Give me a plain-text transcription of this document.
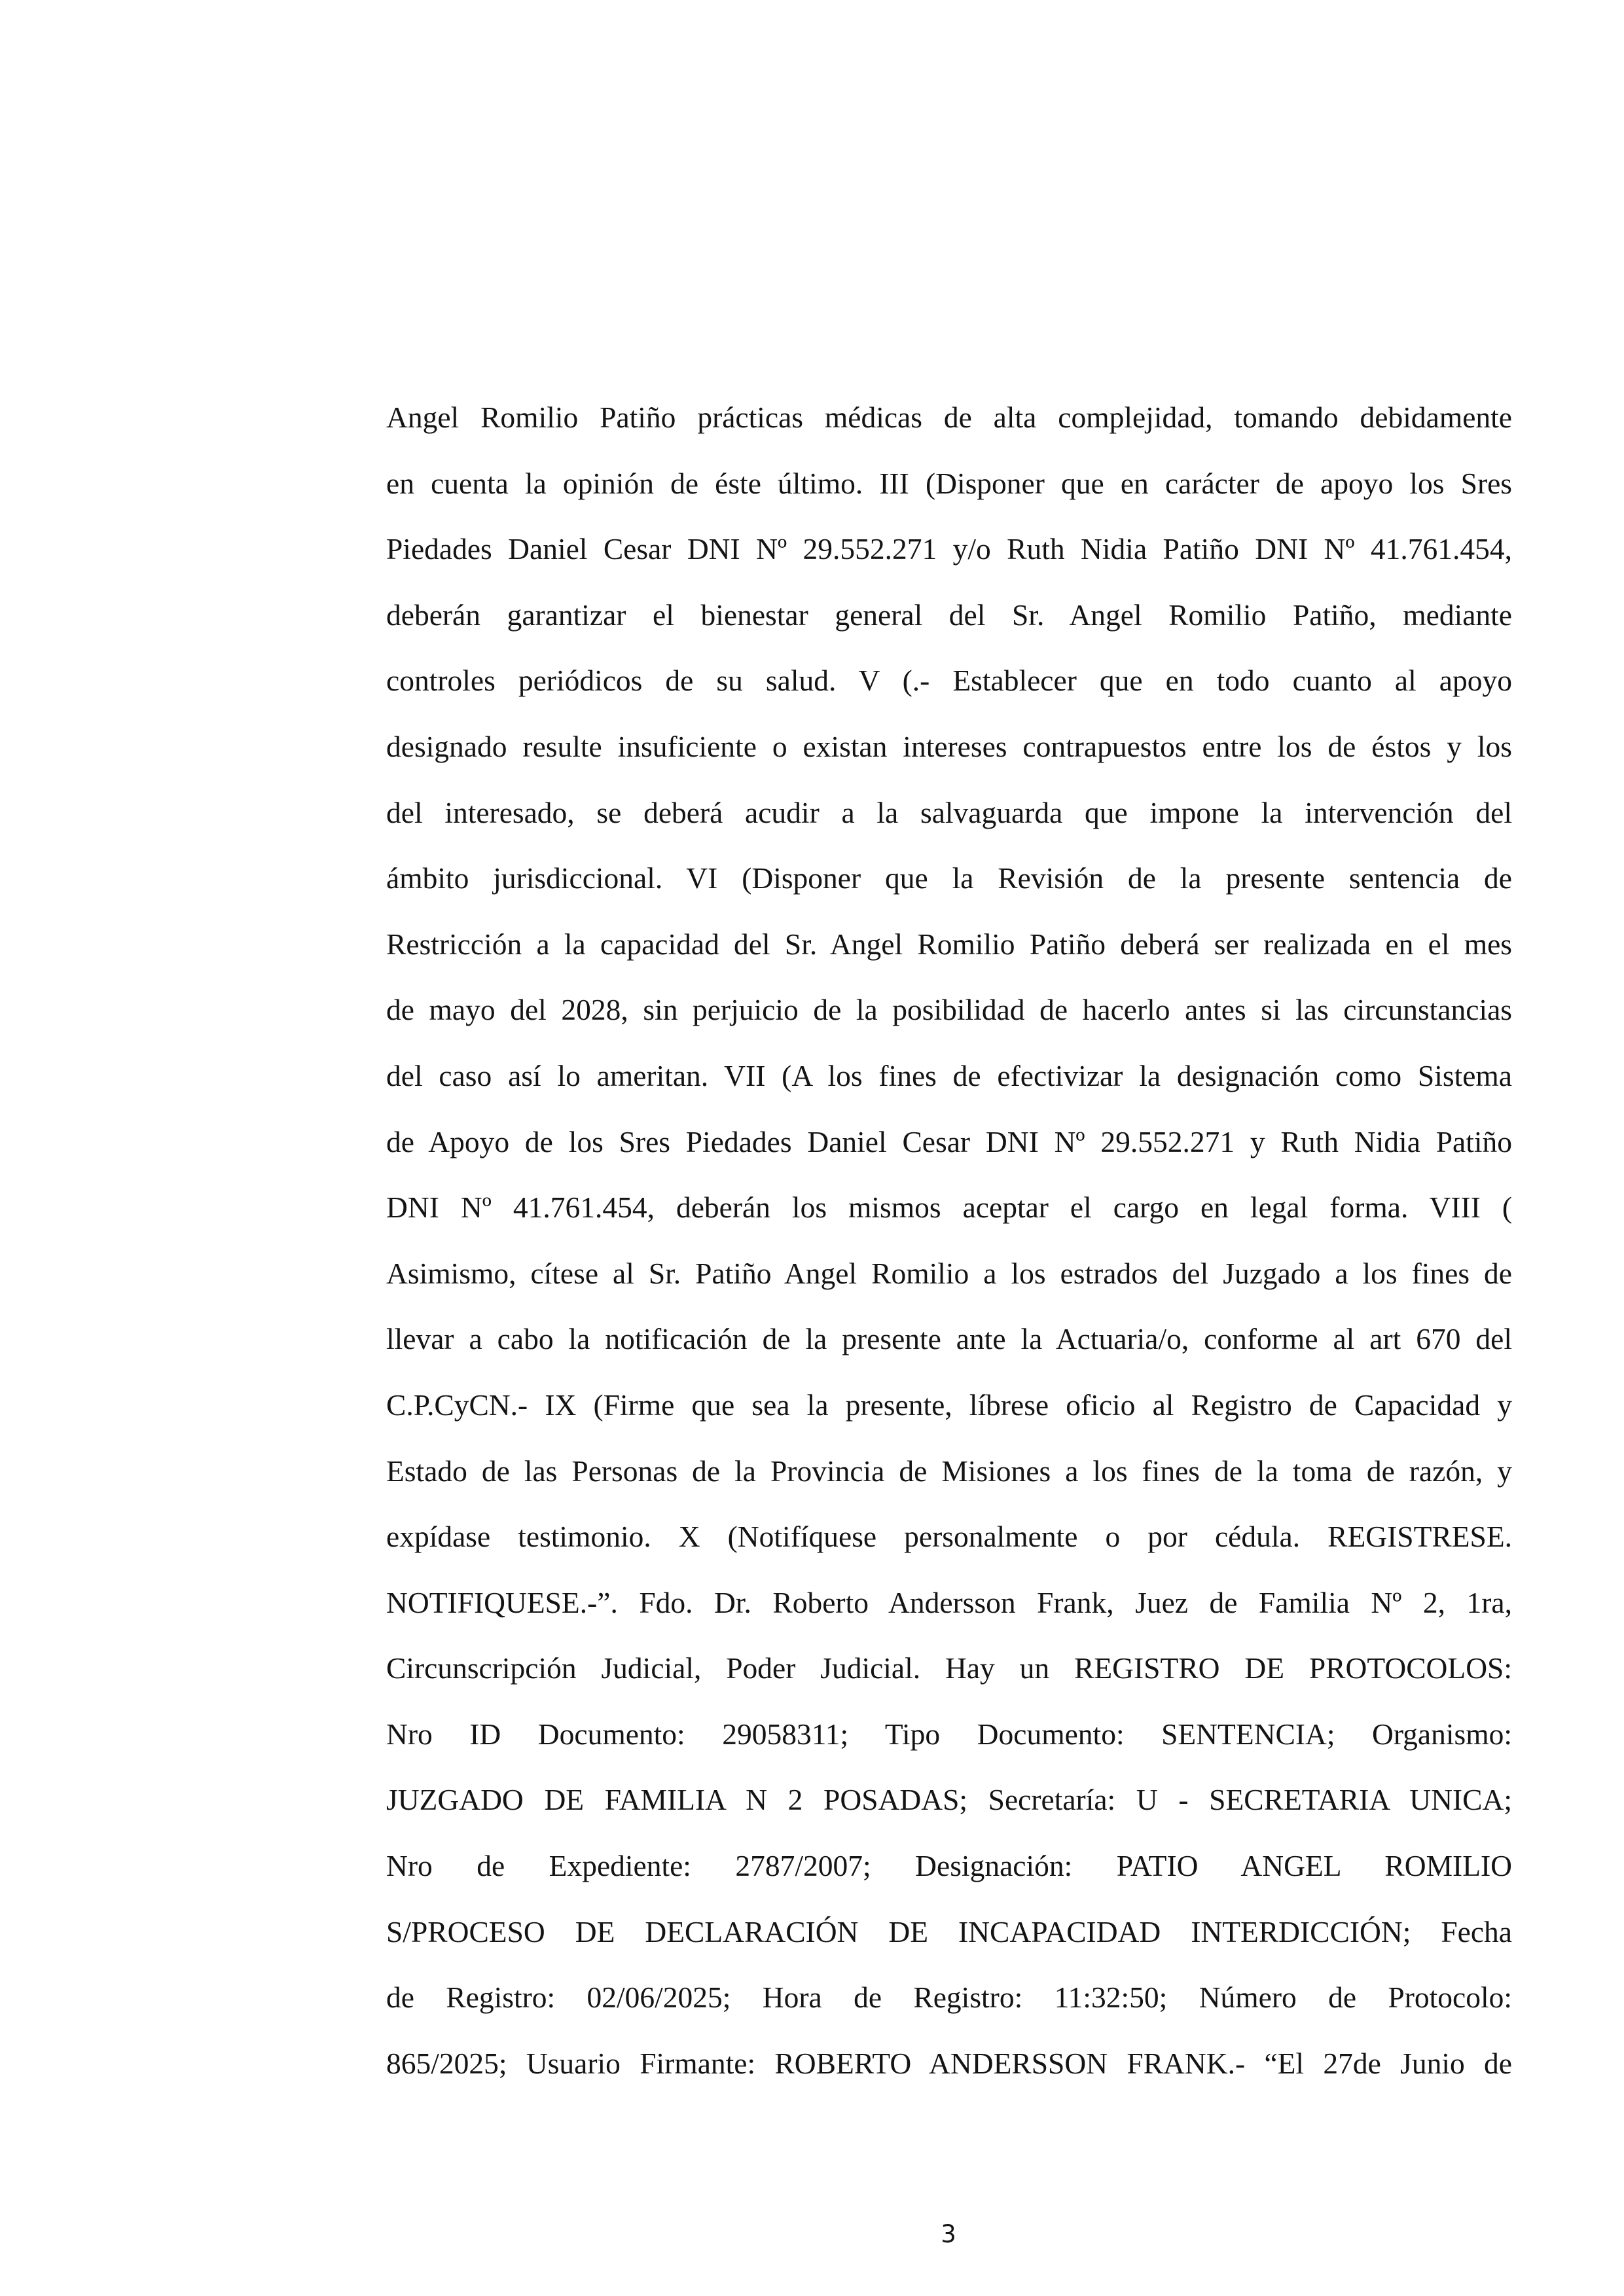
Angel Romilio Patiño prácticas médicas de alta complejidad, tomando debidamente
en cuenta la opinión de éste último. III (Disponer que en carácter de apoyo los Sres
Piedades Daniel Cesar DNI Nº 29.552.271 y/o Ruth Nidia Patiño DNI Nº 41.761.454,
deberán garantizar el bienestar general del Sr. Angel Romilio Patiño, mediante
controles periódicos de su salud. V (.- Establecer que en todo cuanto al apoyo
designado resulte insuficiente o existan intereses contrapuestos entre los de éstos y los
del interesado, se deberá acudir a la salvaguarda que impone la intervención del
ámbito jurisdiccional. VI (Disponer que la Revisión de la presente sentencia de
Restricción a la capacidad del Sr. Angel Romilio Patiño deberá ser realizada en el mes
de mayo del 2028, sin perjuicio de la posibilidad de hacerlo antes si las circunstancias
del caso así lo ameritan. VII (A los fines de efectivizar la designación como Sistema
de Apoyo de los Sres Piedades Daniel Cesar DNI Nº 29.552.271 y Ruth Nidia Patiño
DNI Nº 41.761.454, deberán los mismos aceptar el cargo en legal forma. VIII (
Asimismo, cítese al Sr. Patiño Angel Romilio a los estrados del Juzgado a los fines de
llevar a cabo la notificación de la presente ante la Actuaria/o, conforme al art 670 del
C.P.CyCN.- IX (Firme que sea la presente, líbrese oficio al Registro de Capacidad y
Estado de las Personas de la Provincia de Misiones a los fines de la toma de razón, y
expídase testimonio. X (Notifíquese personalmente o por cédula. REGISTRESE.
NOTIFIQUESE.-”. Fdo. Dr. Roberto Andersson Frank, Juez de Familia Nº 2, 1ra,
Circunscripción Judicial, Poder Judicial. Hay un REGISTRO DE PROTOCOLOS:
Nro ID Documento: 29058311; Tipo Documento: SENTENCIA; Organismo:
JUZGADO DE FAMILIA N 2 POSADAS; Secretaría: U - SECRETARIA UNICA;
Nro de Expediente: 2787/2007; Designación: PATIO ANGEL ROMILIO
S/PROCESO DE DECLARACIÓN DE INCAPACIDAD INTERDICCIÓN; Fecha
de Registro: 02/06/2025; Hora de Registro: 11:32:50; Número de Protocolo:
865/2025; Usuario Firmante: ROBERTO ANDERSSON FRANK.- “El 27de Junio de
3
